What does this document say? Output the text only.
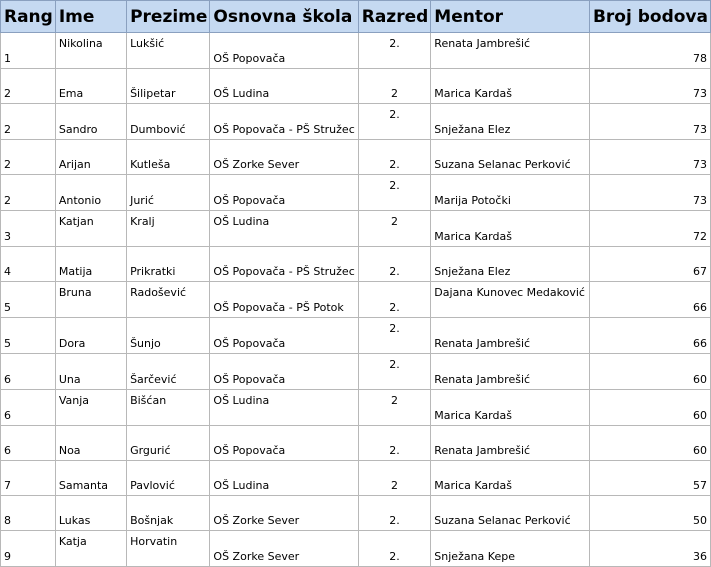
Rang	Ime	Prezime	Osnovna škola	Razred	Mentor	Broj bodova
1	Nikolina	Lukšić	OŠ Popovača	2.	Renata Jambrešić	78
2	Ema	Šilipetar	OŠ Ludina	2	Marica Kardaš	73
2	Sandro	Dumbović	OŠ Popovača - PŠ Stružec	2.	Snježana Elez	73
2	Arijan	Kutleša	OŠ Zorke Sever	2.	Suzana Selanac Perković	73
2	Antonio	Jurić	OŠ Popovača	2.	Marija Potočki	73
3	Katjan	Kralj	OŠ Ludina	2	Marica Kardaš	72
4	Matija	Prikratki	OŠ Popovača - PŠ Stružec	2.	Snježana Elez	67
5	Bruna	Radošević	OŠ Popovača - PŠ Potok	2.	Dajana Kunovec Medaković	66
5	Dora	Šunjo	OŠ Popovača	2.	Renata Jambrešić	66
6	Una	Šarčević	OŠ Popovača	2.	Renata Jambrešić	60
6	Vanja	Bišćan	OŠ Ludina	2	Marica Kardaš	60
6	Noa	Grgurić	OŠ Popovača	2.	Renata Jambrešić	60
7	Samanta	Pavlović	OŠ Ludina	2	Marica Kardaš	57
8	Lukas	Bošnjak	OŠ Zorke Sever	2.	Suzana Selanac Perković	50
9	Katja	Horvatin	OŠ Zorke Sever	2.	Snježana Kepe	36
